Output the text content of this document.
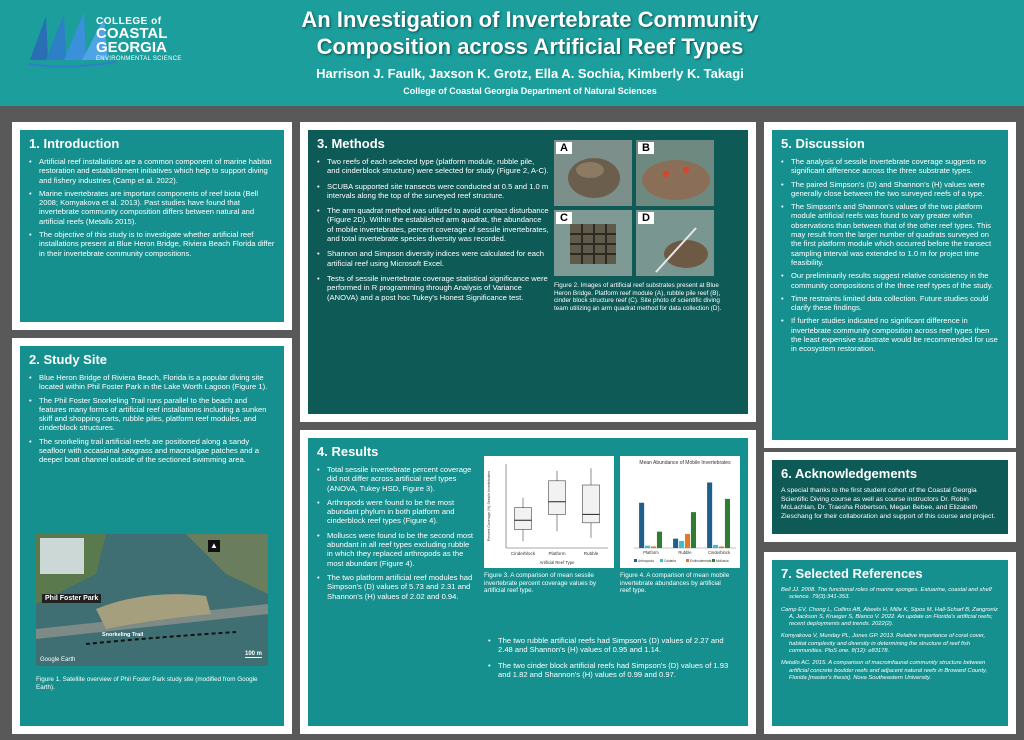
COLLEGE of
COASTAL
GEORGIA
ENVIRONMENTAL SCIENCE
An Investigation of Invertebrate Community
Composition across Artificial Reef Types
Harrison J. Faulk, Jaxson K. Grotz, Ella A. Sochia, Kimberly K. Takagi
College of Coastal Georgia Department of Natural Sciences
1. Introduction
• Artificial reef installations are a common component of marine habitat restoration and establishment initiatives which help to support diving and fishery industries (Camp et al. 2022).
• Marine invertebrates are important components of reef biota (Bell 2008; Komyakova et al. 2013). Past studies have found that invertebrate community composition differs between natural and artificial reefs (Metallo 2015).
• The objective of this study is to investigate whether artificial reef installations present at Blue Heron Bridge, Riviera Beach Florida differ in their invertebrate community compositions.
2. Study Site
• Blue Heron Bridge of Riviera Beach, Florida is a popular diving site located within Phil Foster Park in the Lake Worth Lagoon (Figure 1).
• The Phil Foster Snorkeling Trail runs parallel to the beach and features many forms of artificial reef installations including a sunken skiff and shopping carts, rubble piles, platform reef modules, and cinderblock structures.
• The snorkeling trail artificial reefs are positioned along a sandy seafloor with occasional seagrass and macroalgae patches and a deeper boat channel outside of the sectioned swimming area.
Phil Foster Park
Snorkeling Trail
100 m
Google Earth
▲
Figure 1. Satellite overview of Phil Foster Park study site (modified from Google Earth).
3. Methods
• Two reefs of each selected type (platform module, rubble pile, and cinderblock structure) were selected for study (Figure 2, A-C).
• SCUBA supported site transects were conducted at 0.5 and 1.0 m intervals along the top of the surveyed reef structure.
• The arm quadrat method was utilized to avoid contact disturbance (Figure 2D). Within the established arm quadrat, the abundance of mobile invertebrates, percent coverage of sessile invertebrates, and total invertebrate species diversity was recorded.
• Shannon and Simpson diversity indices were calculated for each artificial reef using Microsoft Excel.
• Tests of sessile invertebrate coverage statistical significance were performed in R programming through Analysis of Variance (ANOVA) and a post hoc Tukey's Honest Significance test.
A	B
C	D
Figure 2. Images of artificial reef substrates present at Blue Heron Bridge. Platform reef module (A), rubble pile reef (B), cinder block structure reef (C). Site photo of scientific diving team utilizing an arm quadrat method for data collection (D).
4. Results
• Total sessile invertebrate percent coverage did not differ across artificial reef types (ANOVA, Tukey HSD, Figure 3).
• Arthropods were found to be the most abundant phylum in both platform and cinderblock reef types (Figure 4).
• Molluscs were found to be the second most abundant in all reef types excluding rubble in which they replaced arthropods as the most abundant (Figure 4).
• The two platform artificial reef modules had Simpson's (D) values of 5.73 and 2.31 and Shannon's (H) values of 2.02 and 0.94.
Percent Coverage (%) Sessile Invertebrates
Artificial Reef Type
Cinderblock	Platform	Rubble
Figure 3. A comparison of mean sessile invertebrate percent coverage values by artificial reef type.
Mean Abundance of Mobile Invertebrates
Platform	Rubble	Cinderblock
Arthropoda	Cnidaria	Echinodermata Mollusca
Figure 4. A comparison of mean mobile invertebrate abundances by artificial reef type.
• The two rubble artificial reefs had Simpson's (D) values of 2.27 and 2.48 and Shannon's (H) values of 0.95 and 1.14.
• The two cinder block artificial reefs had Simpson's (D) values of 1.93 and 1.82 and Shannon's (H) values of 0.99 and 0.97.
5. Discussion
• The analysis of sessile invertebrate coverage suggests no significant difference across the three substrate types.
• The paired Simpson's (D) and Shannon's (H) values were generally close between the two surveyed reefs of a type.
• The Simpson's and Shannon's values of the two platform module artificial reefs was found to vary greater within observations than between that of the other reef types. This may result from the larger number of quadrats surveyed on the first platform module which occurred before the transect sampling interval was extended to 1.0 m for project time feasibility.
• Our preliminarily results suggest relative consistency in the community compositions of the three reef types of the study.
• Time restraints limited data collection. Future studies could clarify these findings.
• If further studies indicated no significant difference in invertebrate community composition across reef types then the least expensive substrate would be recommended for use in ecosystem restoration.
6. Acknowledgements

A special thanks to the first student cohort of the Coastal Georgia Scientific Diving course as well as course instructors Dr. Robin McLachlan, Dr. Traesha Robertson, Megan Bebee, and Elizabeth Zieschang for their collaboration and support of this course and project.

7. Selected References
Bell JJ. 2008. The functional roles of marine sponges. Estuarine, coastal and shelf science. 79(3):341-353.
Camp EV, Chong L, Collins AB, Abeels H, Mille K, Sipos M, Hall-Scharf B, Zangroniz A, Jackson S, Krueger S, Blanco V. 2022. An update on Florida's artificial reefs; recent deployments and trends. 2022(2).
Komyakova V, Munday PL, Jones GP. 2013. Relative importance of coral cover, habitat complexity and diversity in determining the structure of reef fish communities. PloS one. 8(12): e83178.
Metallo AC. 2015. A comparison of macroinfaunal community structure between artificial concrete boulder reefs and adjacent natural reefs in Broward County, Florida [master's thesis]. Nova Southeastern University.
